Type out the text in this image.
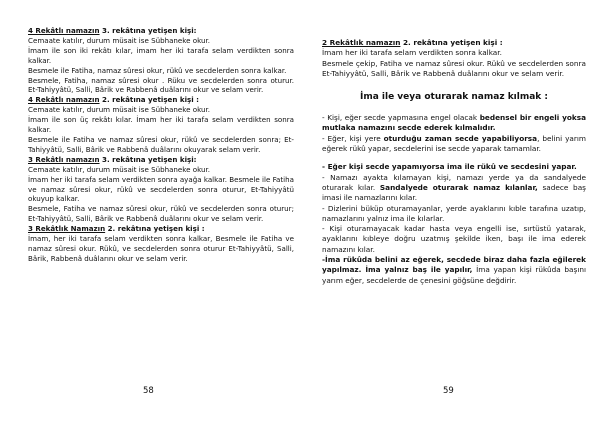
4 Rekâtlı namazın 3. rekâtına yetişen kişi:

Cemaate katılır, durum müsait ise Sübhaneke okur.

İmam ile son iki rekâtı kılar, imam her iki tarafa selam verdikten sonra kalkar.

Besmele ile Fatiha, namaz sûresi okur, rükû ve secdelerden sonra kalkar.

Besmele, Fatiha, namaz sûresi okur . Rüku ve secdelerden sonra oturur. Et-Tahiyyâtü, Salli, Bârik ve Rabbenâ duâlarını okur ve selam verir.

4 Rekâtlı namazın 2. rekâtına yetişen kişi :

Cemaate katılır, durum müsait ise Sübhaneke okur.

İmam ile son üç rekâtı kılar. İmam her iki tarafa selam verdikten sonra kalkar.

Besmele ile Fatiha ve namaz sûresi okur, rükû ve secdelerden sonra; Et-Tahiyyâtü, Salli, Bârik ve Rabbenâ duâlarını okuyarak selam verir.

3 Rekâtlı namazın 3. rekâtına yetişen kişi:

Cemaate katılır, durum müsait ise Sübhaneke okur.

İmam her iki tarafa selam verdikten sonra ayağa kalkar. Besmele ile Fatiha ve namaz sûresi okur, rükû ve secdelerden sonra oturur, Et-Tahiyyâtü okuyup kalkar.

Besmele, Fatiha ve namaz sûresi okur, rükû ve secdelerden sonra oturur; Et-Tahiyyâtü, Salli, Bârik ve Rabbenâ duâlarını okur ve selam verir.

3 Rekâtlık Namazın 2. rekâtına yetişen kişi :

İmam, her iki tarafa selam verdikten sonra kalkar, Besmele ile Fatiha ve namaz sûresi okur. Rükû, ve secdelerden sonra oturur Et-Tahiyyâtü, Salli, Bârik, Rabbenâ duâlarını okur ve selam verir.

58

2 Rekâtlık namazın 2. rekâtına yetişen kişi :

İmam her iki tarafa selam verdikten sonra kalkar.

Besmele çekip, Fatiha ve namaz sûresi okur. Rükû ve secdelerden sonra Et-Tahiyyâtü, Salli, Bârik ve Rabbenâ duâlarını okur ve selam verir.

İma ile veya oturarak namaz kılmak :

- Kişi, eğer secde yapmasına engel olacak bedensel bir engeli yoksa mutlaka namazını secde ederek kılmalıdır.

- Eğer, kişi yere oturduğu zaman secde yapabiliyorsa, belini yarım eğerek rükû yapar, secdelerini ise secde yaparak tamamlar.

- Eğer kişi secde yapamıyorsa ima ile rükû ve secdesini yapar.

- Namazı ayakta kılamayan kişi, namazı yerde ya da sandalyede oturarak kılar. Sandalyede oturarak namaz kılanlar, sadece baş imasi ile namazlarını kılar.

- Dizlerini büküp oturamayanlar, yerde ayaklarını kıble tarafına uzatıp, namazlarını yalnız ima ile kılarlar.

- Kişi oturamayacak kadar hasta veya engelli ise, sırtüstü yatarak, ayaklarını kıbleye doğru uzatmış şekilde iken, başı ile ima ederek namazını kılar.

-İma rükûda belini az eğerek, secdede biraz daha fazla eğilerek yapılmaz. İma yalnız baş ile yapılır, İma yapan kişi rükûda başını yarım eğer, secdelerde de çenesini göğsüne değdirir.

59
